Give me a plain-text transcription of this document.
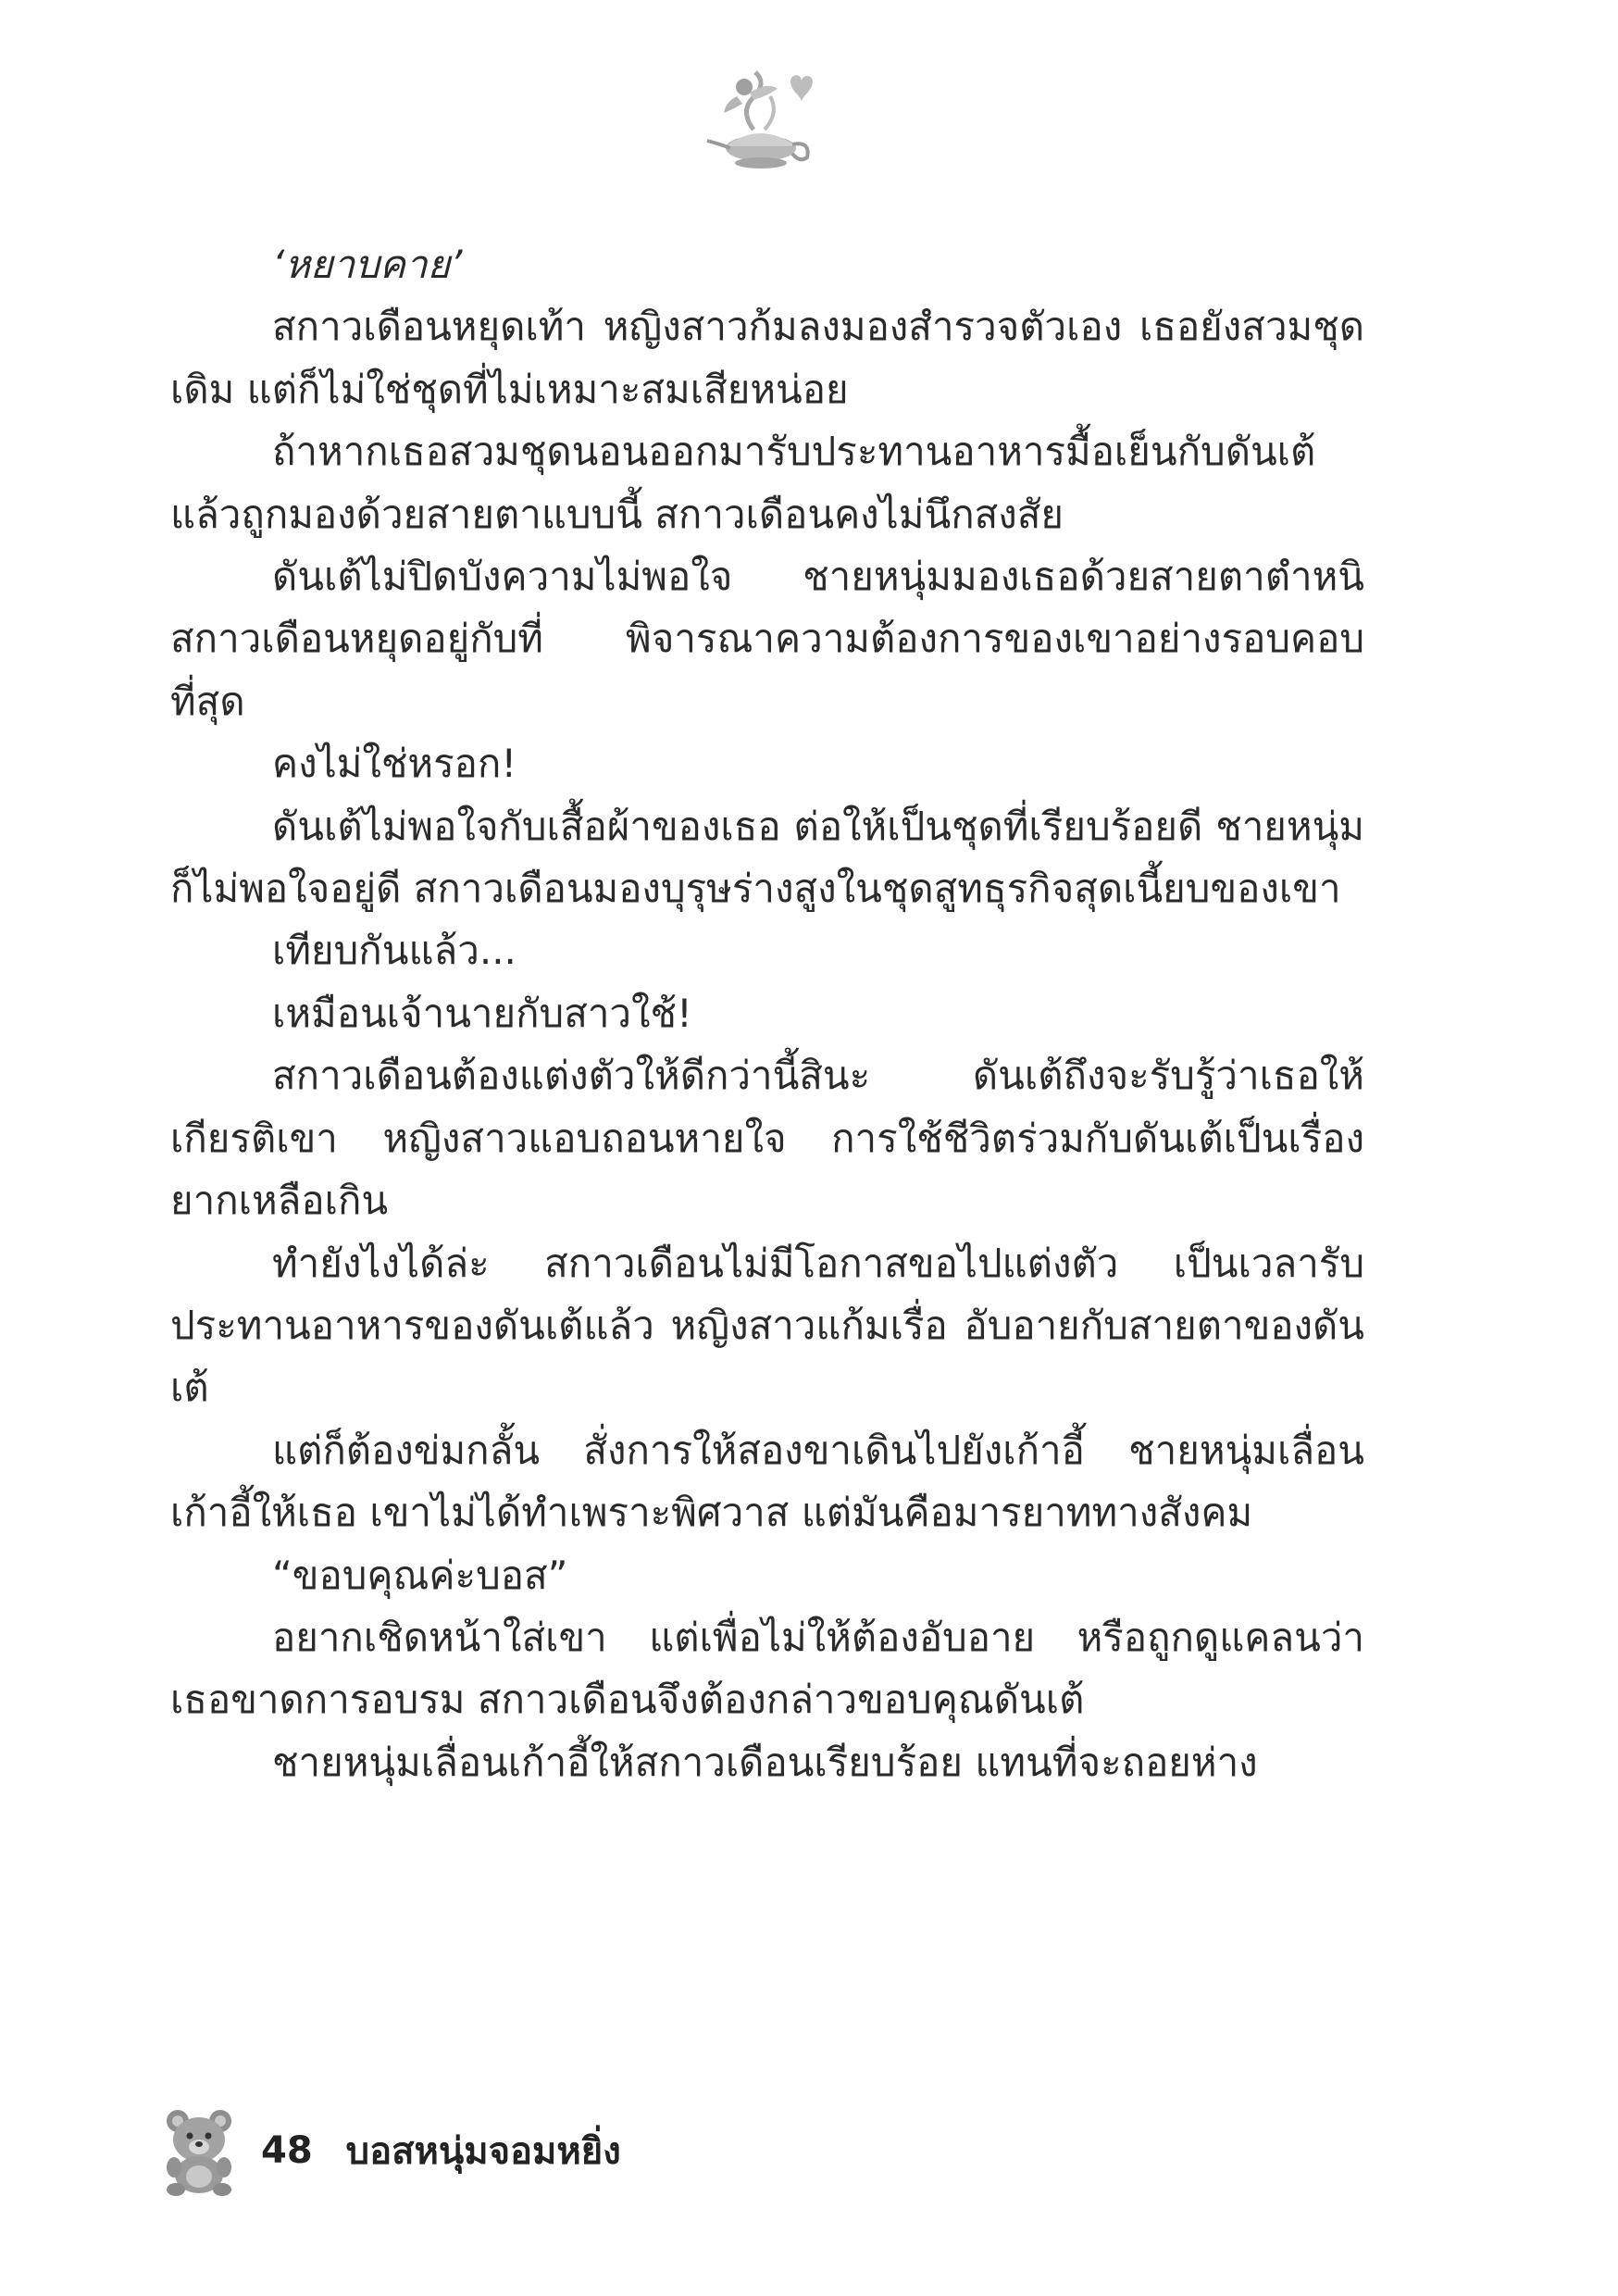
‘หยาบคาย’

สกาวเดือนหยุดเท้า หญิงสาวก้มลงมองสำรวจตัวเอง เธอยังสวมชุดเดิม แต่ก็ไม่ใช่ชุดที่ไม่เหมาะสมเสียหน่อย

ถ้าหากเธอสวมชุดนอนออกมารับประทานอาหารมื้อเย็นกับดันเต้ แล้วถูกมองด้วยสายตาแบบนี้ สกาวเดือนคงไม่นึกสงสัย

ดันเต้ไม่ปิดบังความไม่พอใจ ชายหนุ่มมองเธอด้วยสายตาตำหนิ สกาวเดือนหยุดอยู่กับที่ พิจารณาความต้องการของเขาอย่างรอบคอบที่สุด

คงไม่ใช่หรอก!

ดันเต้ไม่พอใจกับเสื้อผ้าของเธอ ต่อให้เป็นชุดที่เรียบร้อยดี ชายหนุ่มก็ไม่พอใจอยู่ดี สกาวเดือนมองบุรุษร่างสูงในชุดสูทธุรกิจสุดเนี้ยบของเขา

เทียบกันแล้ว...

เหมือนเจ้านายกับสาวใช้!

สกาวเดือนต้องแต่งตัวให้ดีกว่านี้สินะ ดันเต้ถึงจะรับรู้ว่าเธอให้เกียรติเขา หญิงสาวแอบถอนหายใจ การใช้ชีวิตร่วมกับดันเต้เป็นเรื่องยากเหลือเกิน

ทำยังไงได้ล่ะ สกาวเดือนไม่มีโอกาสขอไปแต่งตัว เป็นเวลารับประทานอาหารของดันเต้แล้ว หญิงสาวแก้มเรื่อ อับอายกับสายตาของดันเต้

แต่ก็ต้องข่มกลั้น สั่งการให้สองขาเดินไปยังเก้าอี้ ชายหนุ่มเลื่อนเก้าอี้ให้เธอ เขาไม่ได้ทำเพราะพิศวาส แต่มันคือมารยาททางสังคม

“ขอบคุณค่ะบอส”

อยากเชิดหน้าใส่เขา แต่เพื่อไม่ให้ต้องอับอาย หรือถูกดูแคลนว่าเธอขาดการอบรม สกาวเดือนจึงต้องกล่าวขอบคุณดันเต้

ชายหนุ่มเลื่อนเก้าอี้ให้สกาวเดือนเรียบร้อย แทนที่จะถอยห่าง

48 บอสหนุ่มจอมหยิ่ง
